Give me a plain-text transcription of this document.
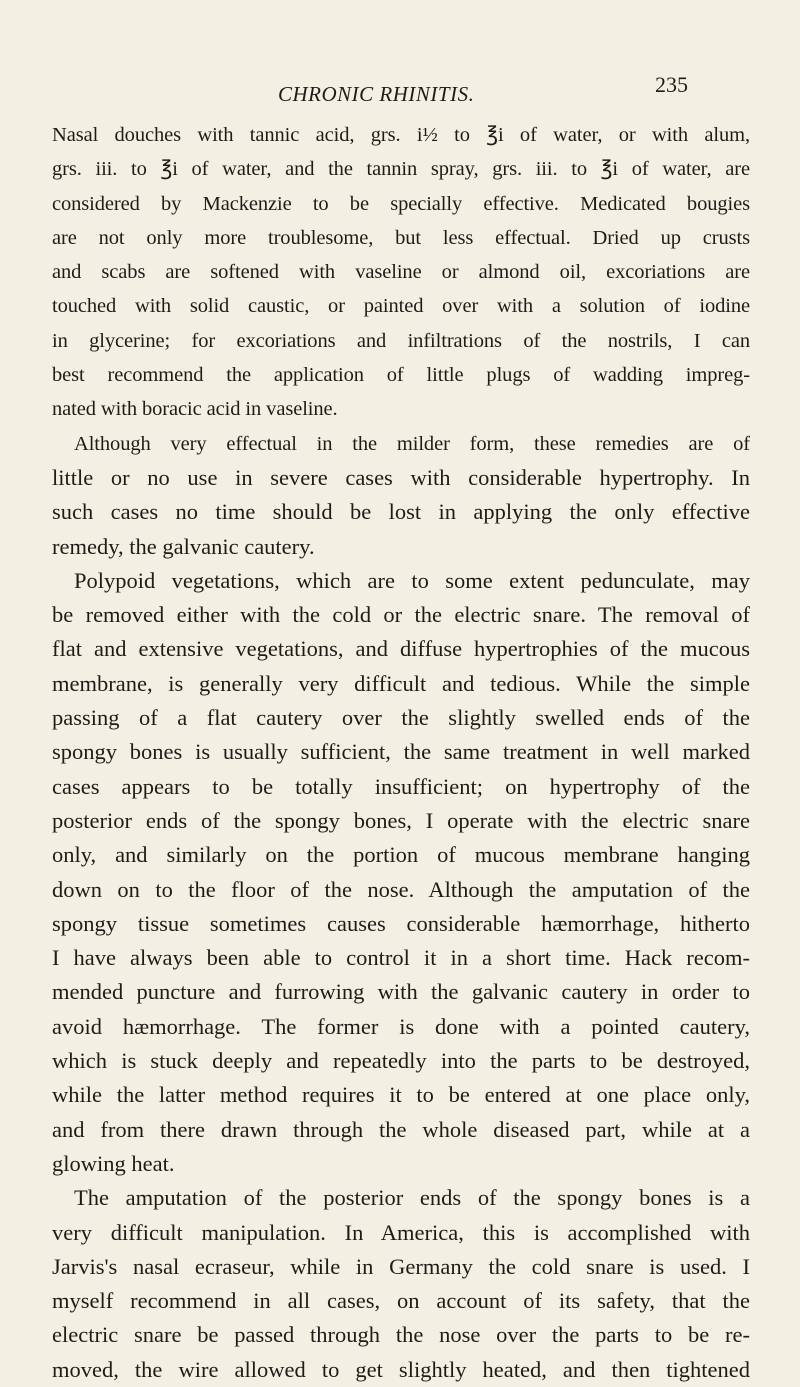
CHRONIC RHINITIS.	235
Nasal douches with tannic acid, grs. i½ to ℥i of water, or with alum,
grs. iii. to ℥i of water, and the tannin spray, grs. iii. to ℥i of water, are
considered by Mackenzie to be specially effective. Medicated bougies
are not only more troublesome, but less effectual. Dried up crusts
and scabs are softened with vaseline or almond oil, excoriations are
touched with solid caustic, or painted over with a solution of iodine
in glycerine; for excoriations and infiltrations of the nostrils, I can
best recommend the application of little plugs of wadding impreg-
nated with boracic acid in vaseline.
Although very effectual in the milder form, these remedies are of
little or no use in severe cases with considerable hypertrophy. In
such cases no time should be lost in applying the only effective
remedy, the galvanic cautery.
Polypoid vegetations, which are to some extent pedunculate, may
be removed either with the cold or the electric snare. The removal of
flat and extensive vegetations, and diffuse hypertrophies of the mucous
membrane, is generally very difficult and tedious. While the simple
passing of a flat cautery over the slightly swelled ends of the
spongy bones is usually sufficient, the same treatment in well marked
cases appears to be totally insufficient; on hypertrophy of the
posterior ends of the spongy bones, I operate with the electric snare
only, and similarly on the portion of mucous membrane hanging
down on to the floor of the nose. Although the amputation of the
spongy tissue sometimes causes considerable hæmorrhage, hitherto
I have always been able to control it in a short time. Hack recom-
mended puncture and furrowing with the galvanic cautery in order to
avoid hæmorrhage. The former is done with a pointed cautery,
which is stuck deeply and repeatedly into the parts to be destroyed,
while the latter method requires it to be entered at one place only,
and from there drawn through the whole diseased part, while at a
glowing heat.
The amputation of the posterior ends of the spongy bones is a
very difficult manipulation. In America, this is accomplished with
Jarvis's nasal ecraseur, while in Germany the cold snare is used. I
myself recommend in all cases, on account of its safety, that the
electric snare be passed through the nose over the parts to be re-
moved, the wire allowed to get slightly heated, and then tightened
